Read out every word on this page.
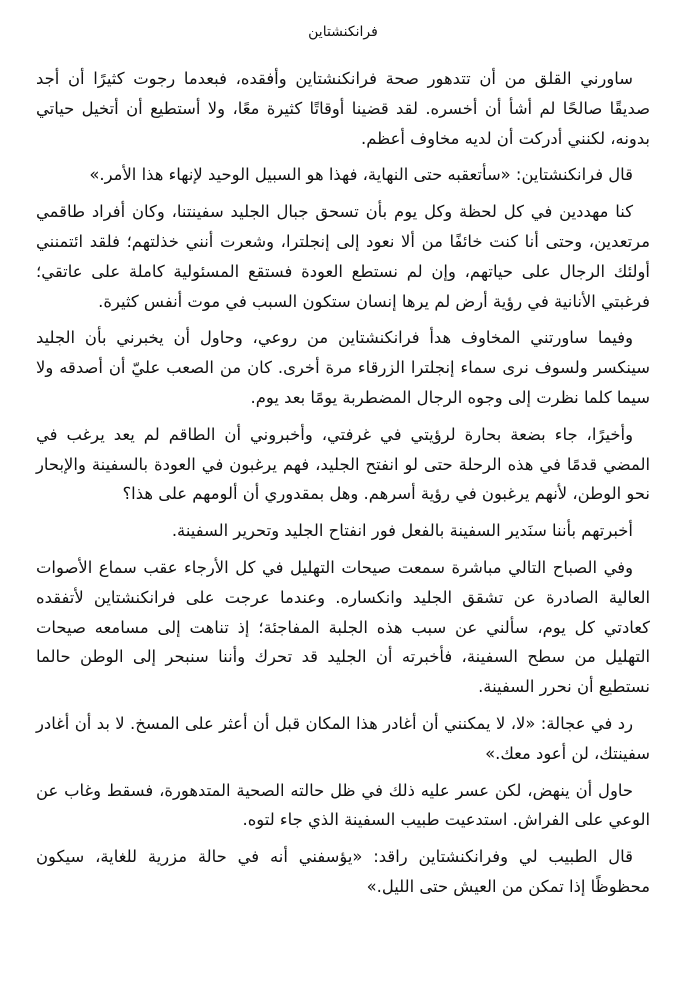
فرانكنشتاين

ساورني القلق من أن تتدهور صحة فرانكنشتاين وأفقده، فبعدما رجوت كثيرًا أن أجد صديقًا صالحًا لم أشأ أن أخسره. لقد قضينا أوقاتًا كثيرة معًا، ولا أستطيع أن أتخيل حياتي بدونه، لكنني أدركت أن لديه مخاوف أعظم.

قال فرانكنشتاين: «سأتعقبه حتى النهاية، فهذا هو السبيل الوحيد لإنهاء هذا الأمر.»

كنا مهددين في كل لحظة وكل يوم بأن تسحق جبال الجليد سفينتنا، وكان أفراد طاقمي مرتعدين، وحتى أنا كنت خائفًا من ألا نعود إلى إنجلترا، وشعرت أنني خذلتهم؛ فلقد ائتمنني أولئك الرجال على حياتهم، وإن لم نستطع العودة فستقع المسئولية كاملة على عاتقي؛ فرغبتي الأنانية في رؤية أرض لم يرها إنسان ستكون السبب في موت أنفس كثيرة.

وفيما ساورتني المخاوف هدأ فرانكنشتاين من روعي، وحاول أن يخبرني بأن الجليد سينكسر ولسوف نرى سماء إنجلترا الزرقاء مرة أخرى. كان من الصعب عليّ أن أصدقه ولا سيما كلما نظرت إلى وجوه الرجال المضطربة يومًا بعد يوم.

وأخيرًا، جاء بضعة بحارة لرؤيتي في غرفتي، وأخبروني أن الطاقم لم يعد يرغب في المضي قدمًا في هذه الرحلة حتى لو انفتح الجليد، فهم يرغبون في العودة بالسفينة والإبحار نحو الوطن، لأنهم يرغبون في رؤية أسرهم. وهل بمقدوري أن ألومهم على هذا؟

أخبرتهم بأننا سنَدير السفينة بالفعل فور انفتاح الجليد وتحرير السفينة.

وفي الصباح التالي مباشرة سمعت صيحات التهليل في كل الأرجاء عقب سماع الأصوات العالية الصادرة عن تشقق الجليد وانكساره. وعندما عرجت على فرانكنشتاين لأتفقده كعادتي كل يوم، سألني عن سبب هذه الجلبة المفاجئة؛ إذ تناهت إلى مسامعه صيحات التهليل من سطح السفينة، فأخبرته أن الجليد قد تحرك وأننا سنبحر إلى الوطن حالما نستطيع أن نحرر السفينة.

رد في عجالة: «لا، لا يمكنني أن أغادر هذا المكان قبل أن أعثر على المسخ. لا بد أن أغادر سفينتك، لن أعود معك.»

حاول أن ينهض، لكن عسر عليه ذلك في ظل حالته الصحية المتدهورة، فسقط وغاب عن الوعي على الفراش. استدعيت طبيب السفينة الذي جاء لتوه.

قال الطبيب لي وفرانكنشتاين راقد: «يؤسفني أنه في حالة مزرية للغاية، سيكون محظوظًا إذا تمكن من العيش حتى الليل.»
